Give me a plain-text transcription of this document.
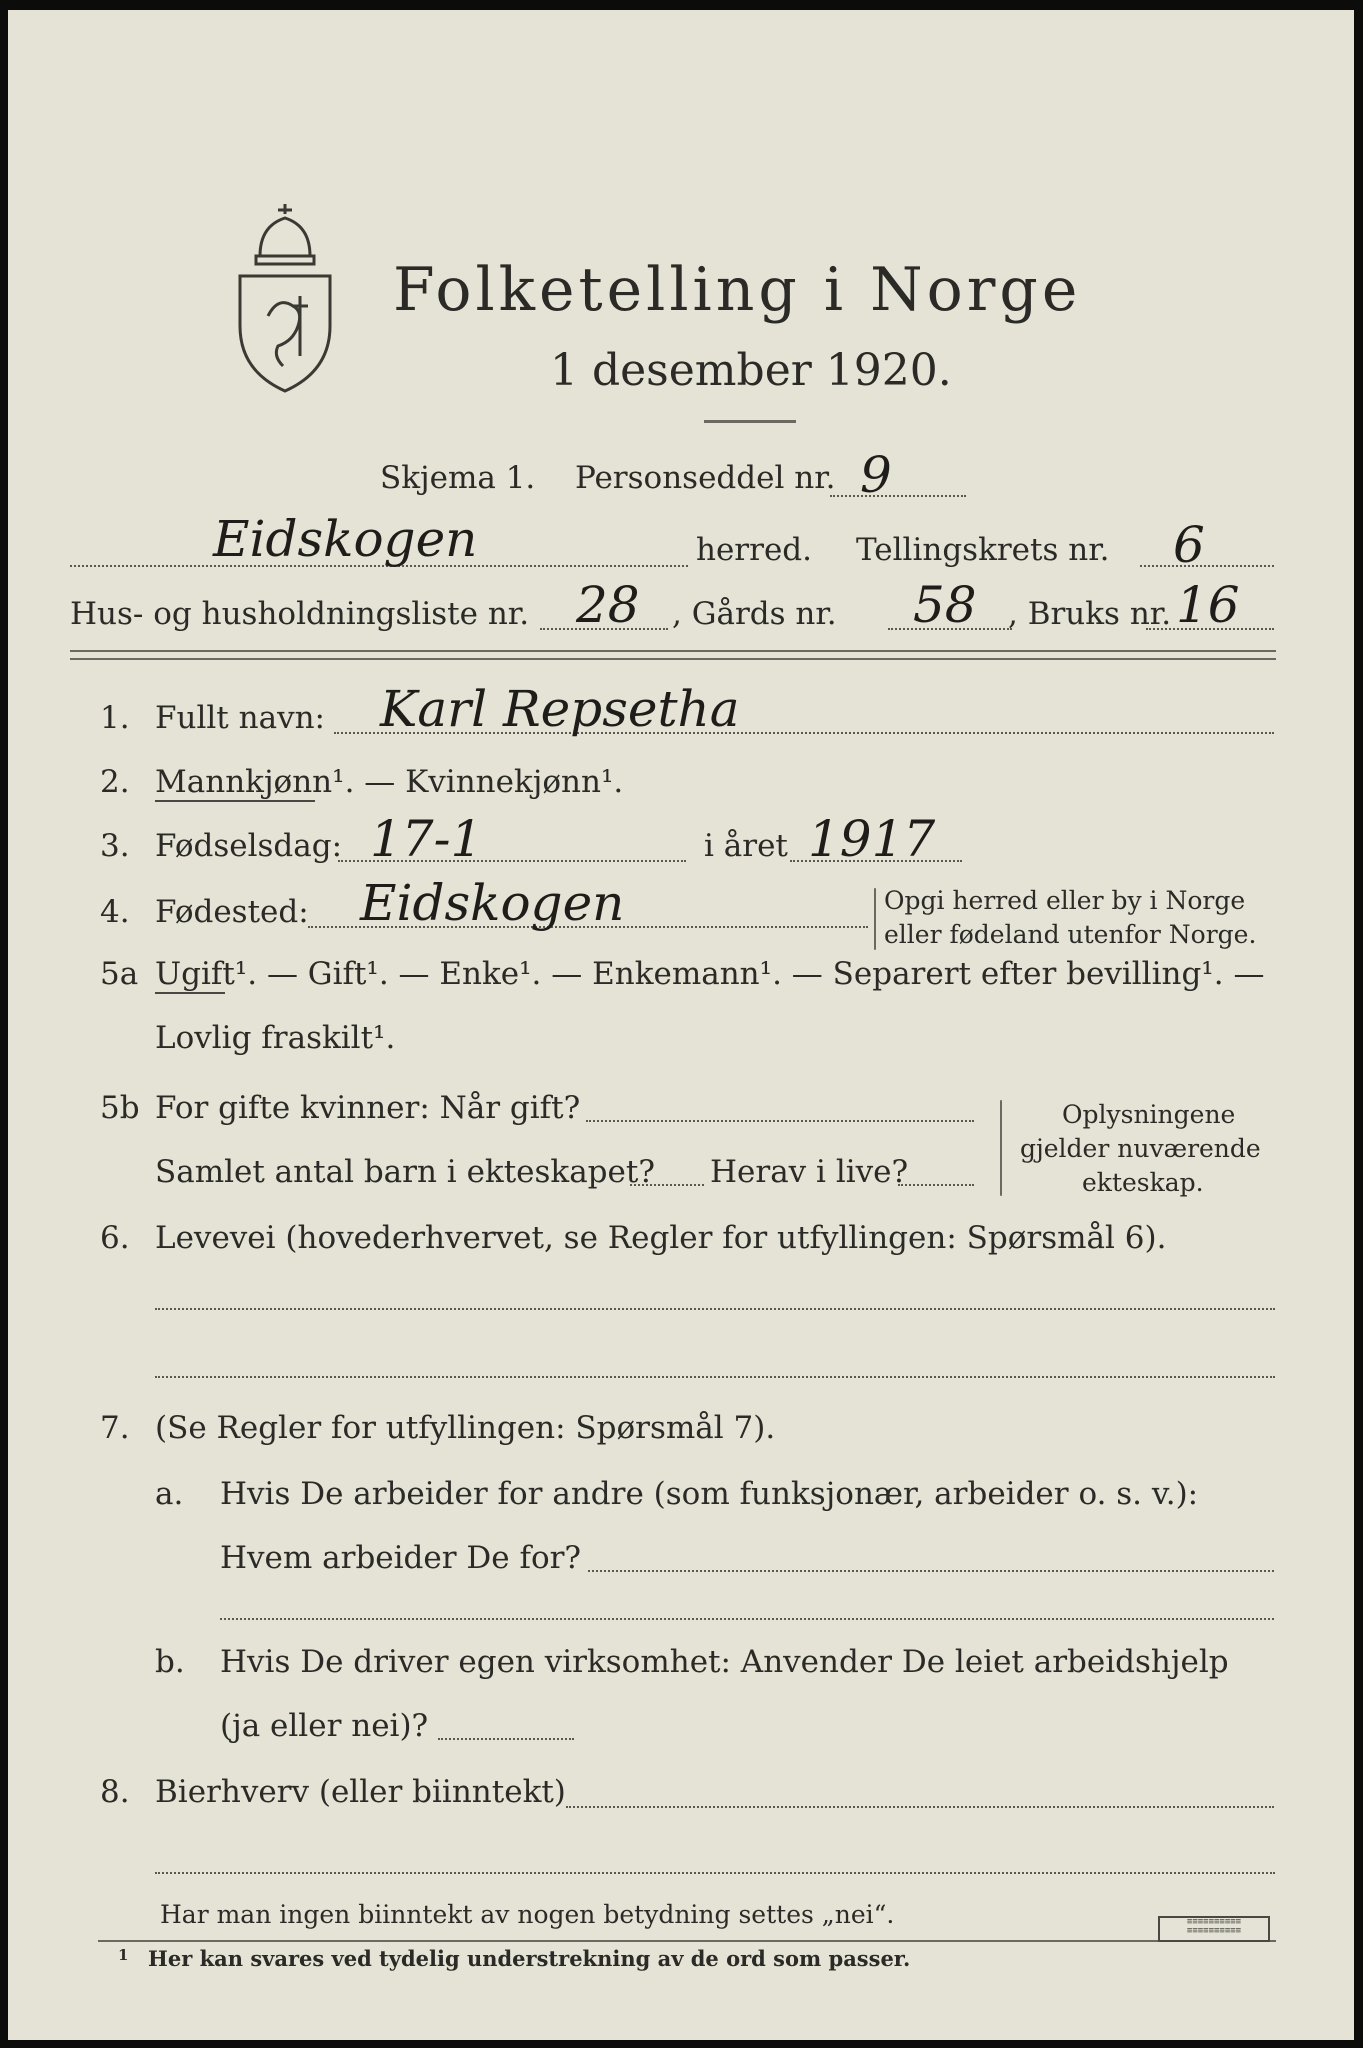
Folketelling i Norge
1 desember 1920.
Skjema 1. Personseddel nr. 9
Eidskogen	herred. Tellingskrets nr. 6
Hus- og husholdningsliste nr. 28 , Gårds nr. 58 , Bruks nr. 16
1. Fullt navn: Karl Repsetha
2. Mannkjønn¹. — Kvinnekjønn¹.
3. Fødselsdag: 17-1	i året 1917
4. Fødested: Eidskogen	Opgi herred eller by i Norge
eller fødeland utenfor Norge.
5a Ugift¹. — Gift¹. — Enke¹. — Enkemann¹. — Separert efter bevilling¹. —
Lovlig fraskilt¹.
5b For gifte kvinner: Når gift?
Samlet antal barn i ekteskapet? Herav i live?
Oplysningene
gjelder nuværende
ekteskap.
6. Levevei (hovederhvervet, se Regler for utfyllingen: Spørsmål 6).
7. (Se Regler for utfyllingen: Spørsmål 7).
a. Hvis De arbeider for andre (som funksjonær, arbeider o. s. v.):
Hvem arbeider De for?
b. Hvis De driver egen virksomhet: Anvender De leiet arbeidshjelp
(ja eller nei)?
8. Bierhverv (eller biinntekt)
Har man ingen biinntekt av nogen betydning settes „nei“.
1 Her kan svares ved tydelig understrekning av de ord som passer.
≡≡≡≡≡≡≡≡≡≡
≡≡≡≡≡≡≡≡≡≡
